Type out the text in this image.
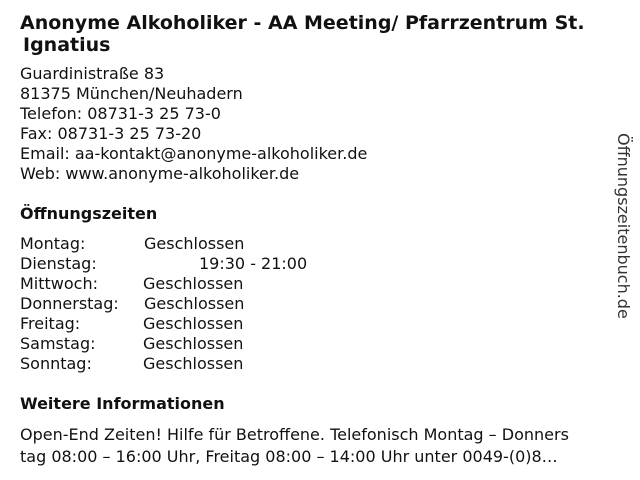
Anonyme Alkoholiker - AA Meeting/ Pfarrzentrum St.
Ignatius
Guardinistraße 83
81375 München/Neuhadern
Telefon: 08731-3 25 73-0
Fax: 08731-3 25 73-20
Email: aa-kontakt@anonyme-alkoholiker.de
Web: www.anonyme-alkoholiker.de
Öffnungszeiten
Montag:	Geschlossen
Dienstag:	19:30 - 21:00
Mittwoch:	Geschlossen
Donnerstag: Geschlossen
Freitag:	Geschlossen
Samstag:	Geschlossen
Sonntag:	Geschlossen
Weitere Informationen
Open-End Zeiten! Hilfe für Betroffene. Telefonisch Montag – Donners
tag 08:00 – 16:00 Uhr, Freitag 08:00 – 14:00 Uhr unter 0049-(0)8…
Öffnungszeitenbuch.de
